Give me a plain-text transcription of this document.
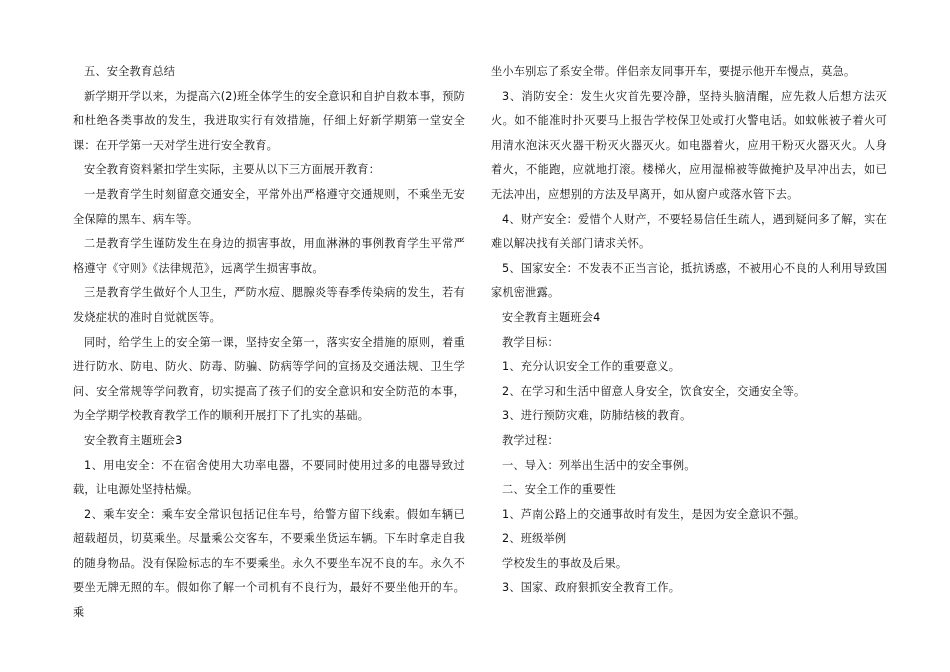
五、安全教育总结

新学期开学以来，为提高六(2)班全体学生的安全意识和自护自救本事，预防和杜绝各类事故的发生，我进取实行有效措施，仔细上好新学期第一堂安全课：在开学第一天对学生进行安全教育。

安全教育资料紧扣学生实际，主要从以下三方面展开教育：

一是教育学生时刻留意交通安全，平常外出严格遵守交通规则，不乘坐无安全保障的黑车、病车等。

二是教育学生谨防发生在身边的损害事故，用血淋淋的事例教育学生平常严格遵守《守则》《法律规范》，远离学生损害事故。

三是教育学生做好个人卫生，严防水痘、腮腺炎等春季传染病的发生，若有发烧症状的准时自觉就医等。

同时，给学生上的安全第一课，坚持安全第一，落实安全措施的原则，着重进行防水、防电、防火、防毒、防骗、防病等学问的宣扬及交通法规、卫生学问、安全常规等学问教育，切实提高了孩子们的安全意识和安全防范的本事，为全学期学校教育教学工作的顺利开展打下了扎实的基础。

安全教育主题班会3

1、用电安全：不在宿舍使用大功率电器，不要同时使用过多的电器导致过载，让电源处坚持枯燥。

2、乘车安全：乘车安全常识包括记住车号，给警方留下线索。假如车辆已超载超员，切莫乘坐。尽量乘公交客车，不要乘坐货运车辆。下车时拿走自我的随身物品。没有保险标志的车不要乘坐。永久不要坐车况不良的车。永久不要坐无牌无照的车。假如你了解一个司机有不良行为，最好不要坐他开的车。乘

坐小车别忘了系安全带。伴侣亲友同事开车，要提示他开车慢点，莫急。

3、消防安全：发生火灾首先要冷静，坚持头脑清醒，应先救人后想方法灭火。如不能准时扑灭要马上报告学校保卫处或打火警电话。如蚊帐被子着火可用清水泡沫灭火器干粉灭火器灭火。如电器着火，应用干粉灭火器灭火。人身着火，不能跑，应就地打滚。楼梯火，应用湿棉被等做掩护及早冲出去，如已无法冲出，应想别的方法及早离开，如从窗户或落水管下去。

4、财产安全：爱惜个人财产，不要轻易信任生疏人，遇到疑问多了解，实在难以解决找有关部门请求关怀。

5、国家安全：不发表不正当言论，抵抗诱惑，不被用心不良的人利用导致国家机密泄露。

安全教育主题班会4

教学目标：

1、充分认识安全工作的重要意义。

2、在学习和生活中留意人身安全，饮食安全，交通安全等。

3、进行预防灾难，防肺结核的教育。

教学过程：

一、导入：列举出生活中的安全事例。

二、安全工作的重要性

1、芦南公路上的交通事故时有发生，是因为安全意识不强。

2、班级举例

学校发生的事故及后果。

3、国家、政府狠抓安全教育工作。
